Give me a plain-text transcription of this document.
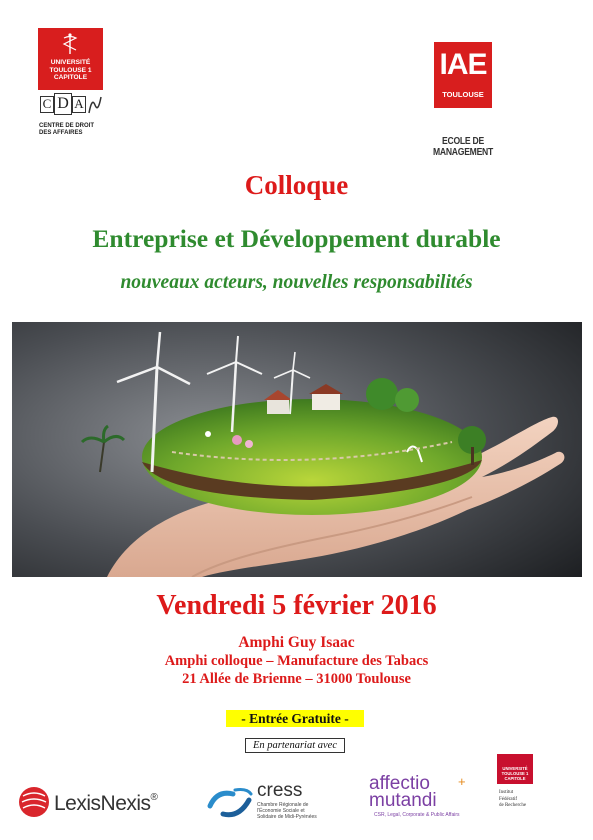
UNIVERSITÉ
TOULOUSE 1
CAPITOLE
C D A
CENTRE DE DROIT
DES AFFAIRES
IAE
TOULOUSE
ECOLE DE MANAGEMENT
Colloque
Entreprise et Développement durable
nouveaux acteurs, nouvelles responsabilités
Vendredi 5 février 2016
Amphi Guy Isaac
Amphi colloque – Manufacture des Tabacs
21 Allée de Brienne – 31000 Toulouse
- Entrée Gratuite -
En partenariat avec
LexisNexis®	cress
Chambre Régionale de
l'Économie Sociale et
Solidaire de Midi-Pyrénées
affectio +
mutandi
CSR, Legal, Corporate & Public Affairs
UNIVERSITÉ
TOULOUSE 1
CAPITOLE
Institut
Fédératif
de Recherche
